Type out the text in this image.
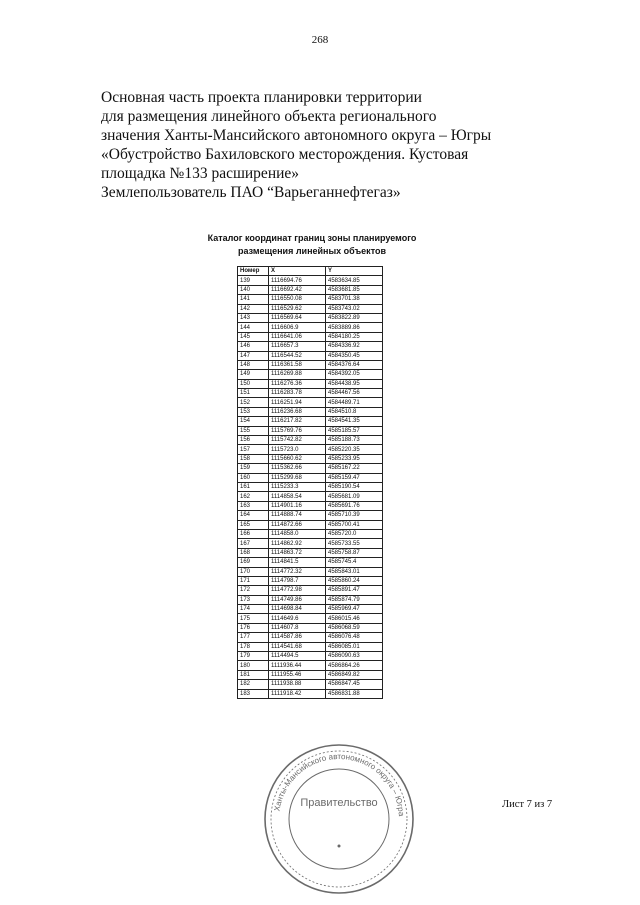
268
Основная часть проекта планировки территории
для размещения линейного объекта регионального
значения Ханты-Мансийского автономного округа – Югры
«Обустройство Бахиловского месторождения. Кустовая
площадка №133 расширение»
Землепользователь ПАО “Варьеганнефтегаз»
Каталог координат границ зоны планируемого
размещения линейных объектов
Номер	X	Y
139	1116694.76	4583634.85
140	1116692.42	4583681.85
141	1116550.08	4583701.38
142	1116529.62	4583743.02
143	1116569.64	4583822.89
144	1116606.9	4583889.86
145	1116641.06	4584180.25
146	1116657.3	4584336.92
147	1116544.52	4584350.45
148	1116361.58	4584376.64
149	1116269.88	4584392.05
150	1116276.36	4584438.95
151	1116283.78	4584467.56
152	1116251.94	4584489.71
153	1116236.68	4584510.8
154	1116217.82	4584541.35
155	1115769.76	4585185.57
156	1115742.82	4585188.73
157	1115723.0	4585220.35
158	1115660.62	4585233.95
159	1115362.66	4585167.22
160	1115299.68	4585159.47
161	1115233.3	4585190.54
162	1114858.54	4585681.09
163	1114901.16	4585691.76
164	1114888.74	4585710.39
165	1114872.66	4585700.41
166	1114858.0	4585720.0
167	1114862.92	4585733.55
168	1114863.72	4585758.87
169	1114841.5	4585745.4
170	1114772.32	4585843.01
171	1114798.7	4585860.24
172	1114772.98	4585891.47
173	1114749.86	4585874.79
174	1114698.84	4585969.47
175	1114649.6	4586015.46
176	1114607.8	4586068.59
177	1114587.86	4586076.48
178	1114541.68	4586085.01
179	1114494.5	4586090.63
180	1111936.44	4586864.26
181	1111955.46	4586849.82
182	1111938.88	4586847.45
183	1111918.42	4586831.88
Ханты-Мансийского автономного округа – Югра
Правительство	Лист 7 из 7
